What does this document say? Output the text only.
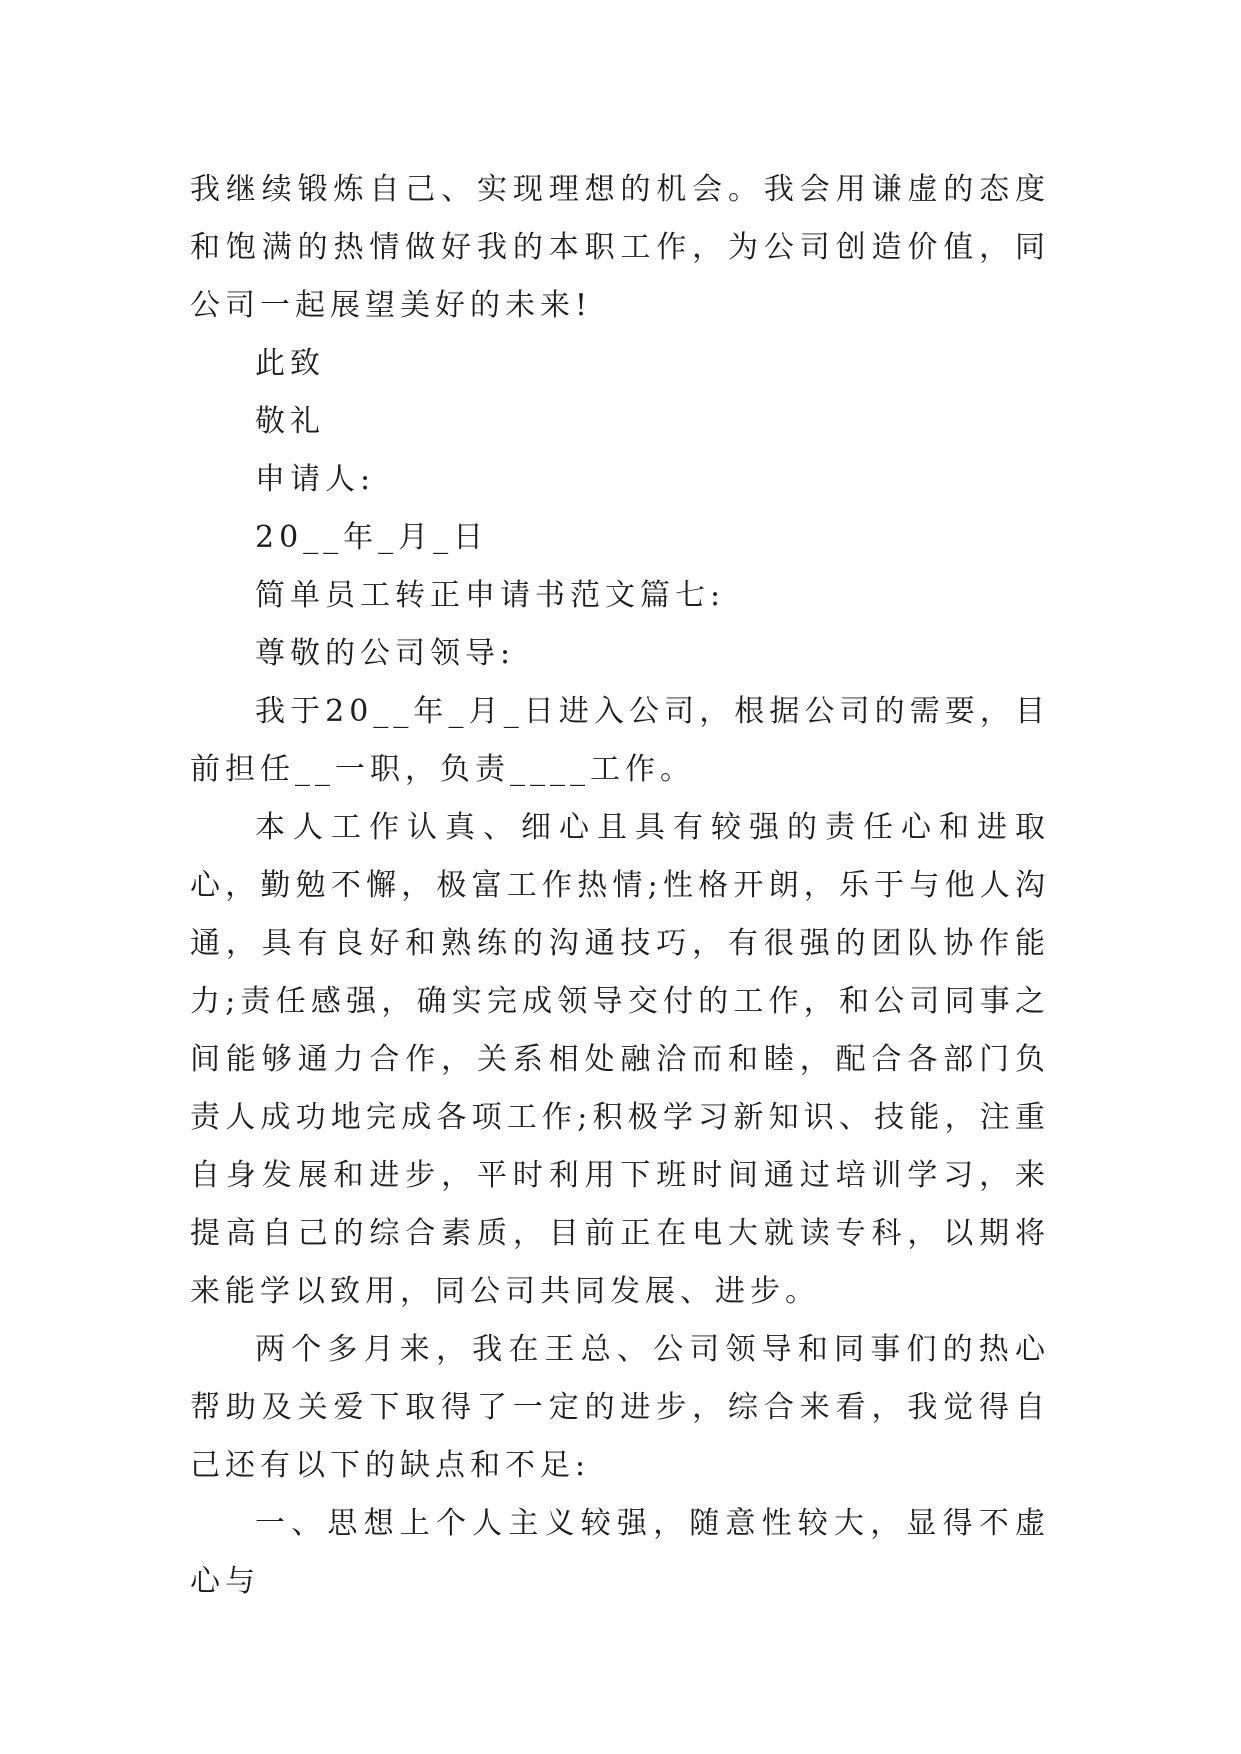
我继续锻炼自己、实现理想的机会。我会用谦虚的态度和饱满的热情做好我的本职工作，为公司创造价值，同公司一起展望美好的未来!

此致

敬礼

申请人:

20__年_月_日

简单员工转正申请书范文篇七:

尊敬的公司领导:

我于20__年_月_日进入公司，根据公司的需要，目前担任__一职，负责____工作。

本人工作认真、细心且具有较强的责任心和进取心，勤勉不懈，极富工作热情;性格开朗，乐于与他人沟通，具有良好和熟练的沟通技巧，有很强的团队协作能力;责任感强，确实完成领导交付的工作，和公司同事之间能够通力合作，关系相处融洽而和睦，配合各部门负责人成功地完成各项工作;积极学习新知识、技能，注重自身发展和进步，平时利用下班时间通过培训学习，来提高自己的综合素质，目前正在电大就读专科，以期将来能学以致用，同公司共同发展、进步。

两个多月来，我在王总、公司领导和同事们的热心帮助及关爱下取得了一定的进步，综合来看，我觉得自己还有以下的缺点和不足:

一、思想上个人主义较强，随意性较大，显得不虚心与
